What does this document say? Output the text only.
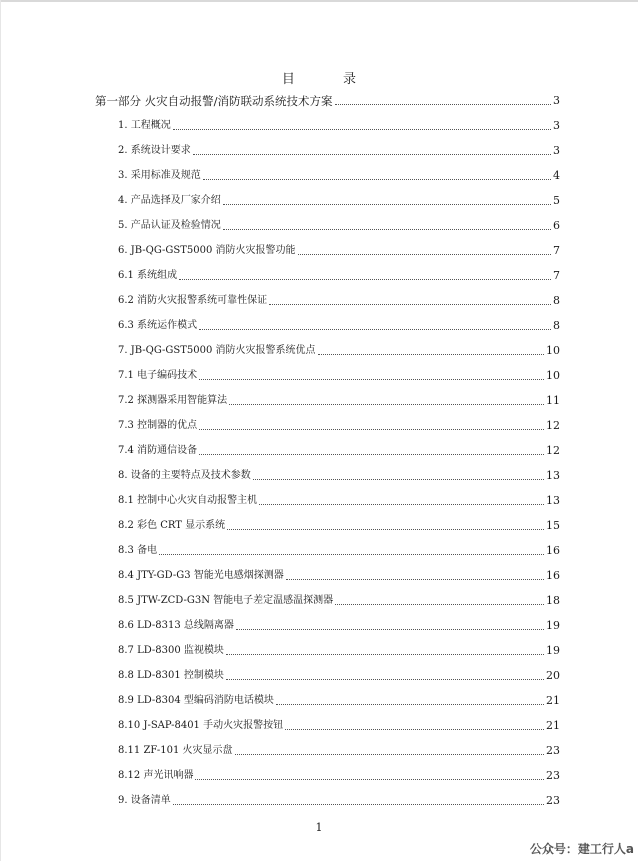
目 录
第一部分 火灾自动报警/消防联动系统技术方案	3
1. 工程概况	3
2. 系统设计要求	3
3. 采用标准及规范	4
4. 产品选择及厂家介绍	5
5. 产品认证及检验情况	6
6. JB-QG-GST5000 消防火灾报警功能	7
6.1 系统组成	7
6.2 消防火灾报警系统可靠性保证	8
6.3 系统运作模式	8
7. JB-QG-GST5000 消防火灾报警系统优点	10
7.1 电子编码技术	10
7.2 探测器采用智能算法	11
7.3 控制器的优点	12
7.4 消防通信设备	12
8. 设备的主要特点及技术参数	13
8.1 控制中心火灾自动报警主机	13
8.2 彩色 CRT 显示系统	15
8.3 备电	16
8.4 JTY-GD-G3 智能光电感烟探测器	16
8.5 JTW-ZCD-G3N 智能电子差定温感温探测器	18
8.6 LD-8313 总线隔离器	19
8.7 LD-8300 监视模块	19
8.8 LD-8301 控制模块	20
8.9 LD-8304 型编码消防电话模块	21
8.10 J-SAP-8401 手动火灾报警按钮	21
8.11 ZF-101 火灾显示盘	23
8.12 声光讯响器	23
9. 设备清单	23
1
公众号：建工行人a
